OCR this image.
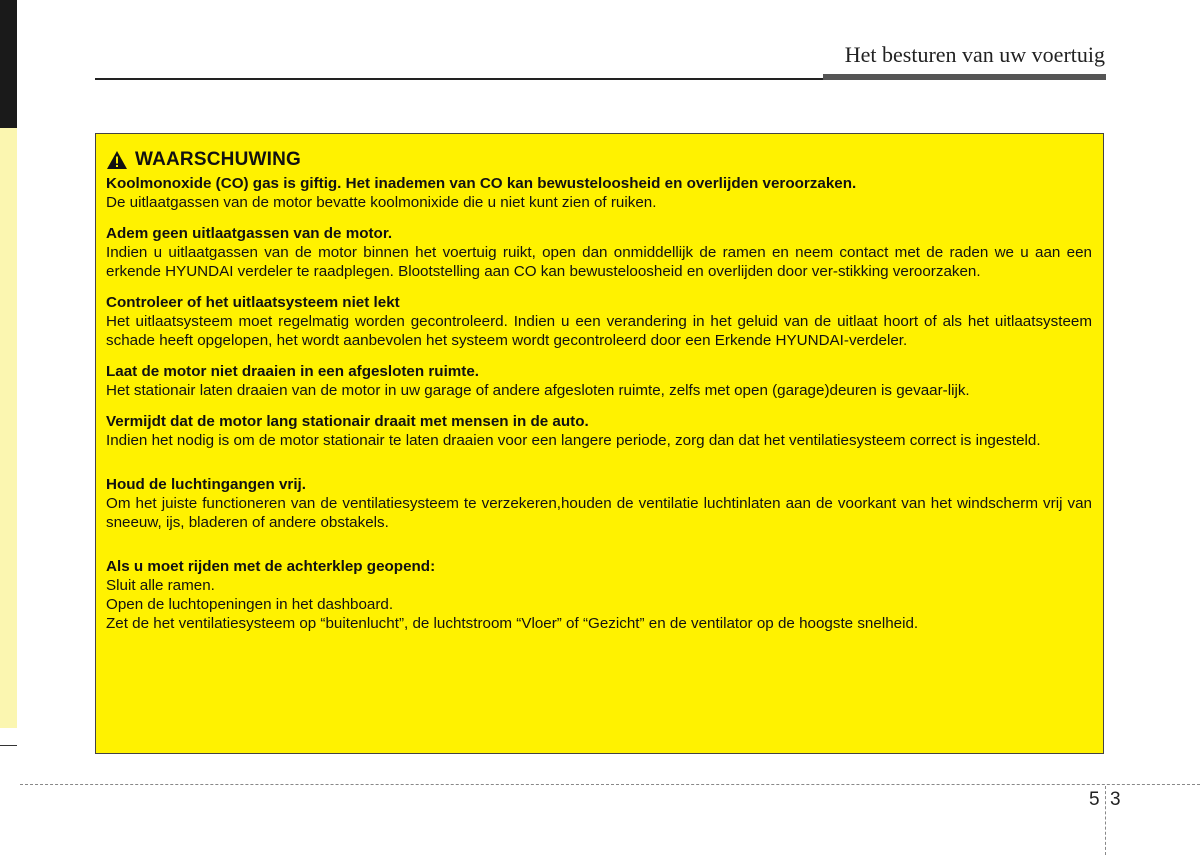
Het besturen van uw voertuig
WAARSCHUWING
Koolmonoxide (CO) gas is giftig. Het inademen van CO kan bewusteloosheid en overlijden veroorzaken.
De uitlaatgassen van de motor bevatte koolmonixide die u niet kunt zien of ruiken.
Adem geen uitlaatgassen van de motor.
Indien u uitlaatgassen van de motor binnen het voertuig ruikt, open dan onmiddellijk de ramen en neem contact met de raden we u aan een erkende HYUNDAI verdeler te raadplegen. Blootstelling aan CO kan bewusteloosheid en overlijden door ver-stikking veroorzaken.
Controleer of het uitlaatsysteem niet lekt
Het uitlaatsysteem moet regelmatig worden gecontroleerd. Indien u een verandering in het geluid van de uitlaat hoort of als het uitlaatsysteem schade heeft opgelopen, het wordt aanbevolen het systeem wordt gecontroleerd door een Erkende HYUNDAI-verdeler.
Laat de motor niet draaien in een afgesloten ruimte.
Het stationair laten draaien van de motor in uw garage of andere afgesloten ruimte, zelfs met open (garage)deuren is gevaar-lijk.
Vermijdt dat de motor lang stationair draait met mensen in de auto.
Indien het nodig is om de motor stationair te laten draaien voor een langere periode, zorg dan dat het ventilatiesysteem correct is ingesteld.
Houd de luchtingangen vrij.
Om het juiste functioneren van de ventilatiesysteem te verzekeren,houden de ventilatie luchtinlaten aan de voorkant van het windscherm vrij van sneeuw, ijs, bladeren of andere obstakels.
Als u moet rijden met de achterklep geopend:
Sluit alle ramen.
Open de luchtopeningen in het dashboard.
Zet de het ventilatiesysteem op “buitenlucht”, de luchtstroom “Vloer” of “Gezicht” en de ventilator op de hoogste snelheid.
5 3
